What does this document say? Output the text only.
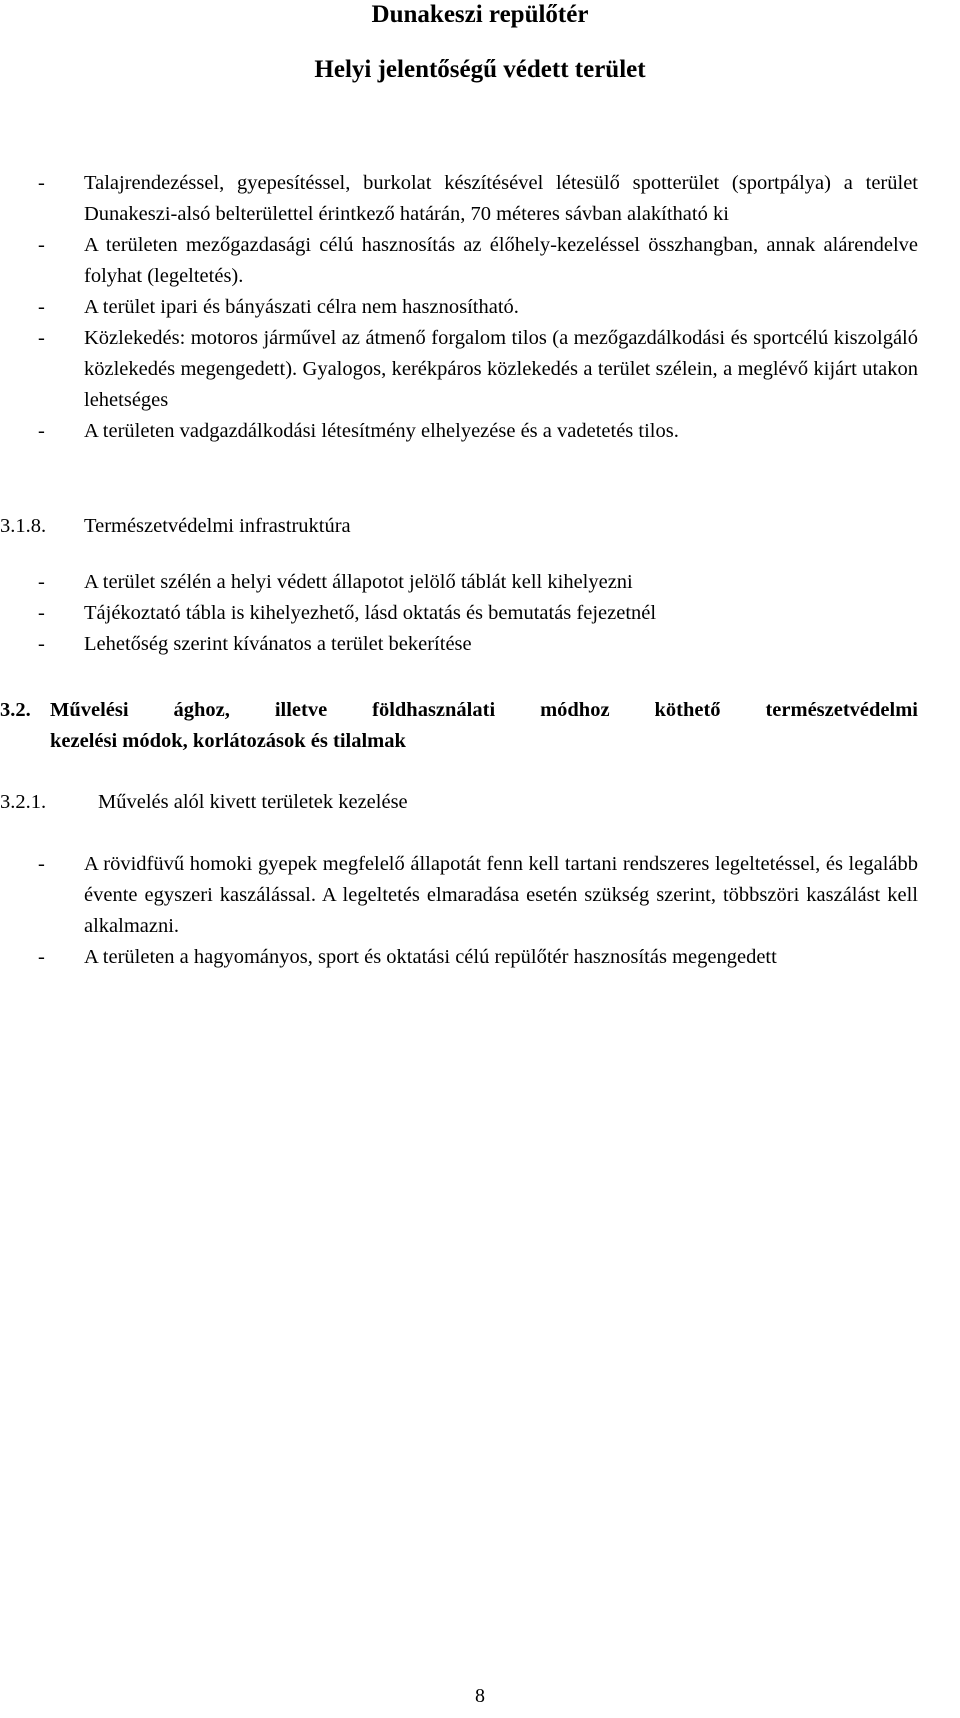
Dunakeszi repülőtér
Helyi jelentőségű védett terület
- Talajrendezéssel, gyepesítéssel, burkolat készítésével létesülő spotterület (sportpálya) a terület Dunakeszi-alsó belterülettel érintkező határán, 70 méteres sávban alakítható ki
- A területen mezőgazdasági célú hasznosítás az élőhely-kezeléssel összhangban, annak alárendelve folyhat (legeltetés).
- A terület ipari és bányászati célra nem hasznosítható.
- Közlekedés: motoros járművel az átmenő forgalom tilos (a mezőgazdálkodási és sportcélú kiszolgáló közlekedés megengedett). Gyalogos, kerékpáros közlekedés a terület szélein, a meglévő kijárt utakon lehetséges
- A területen vadgazdálkodási létesítmény elhelyezése és a vadetetés tilos.
3.1.8. Természetvédelmi infrastruktúra
- A terület szélén a helyi védett állapotot jelölő táblát kell kihelyezni
- Tájékoztató tábla is kihelyezhető, lásd oktatás és bemutatás fejezetnél
- Lehetőség szerint kívánatos a terület bekerítése
3.2. Művelési ághoz, illetve földhasználati módhoz köthető természetvédelmi
kezelési módok, korlátozások és tilalmak
3.2.1.	Művelés alól kivett területek kezelése
- A rövidfüvű homoki gyepek megfelelő állapotát fenn kell tartani rendszeres legeltetéssel, és legalább évente egyszeri kaszálással. A legeltetés elmaradása esetén szükség szerint, többszöri kaszálást kell alkalmazni.
- A területen a hagyományos, sport és oktatási célú repülőtér hasznosítás megengedett
8
